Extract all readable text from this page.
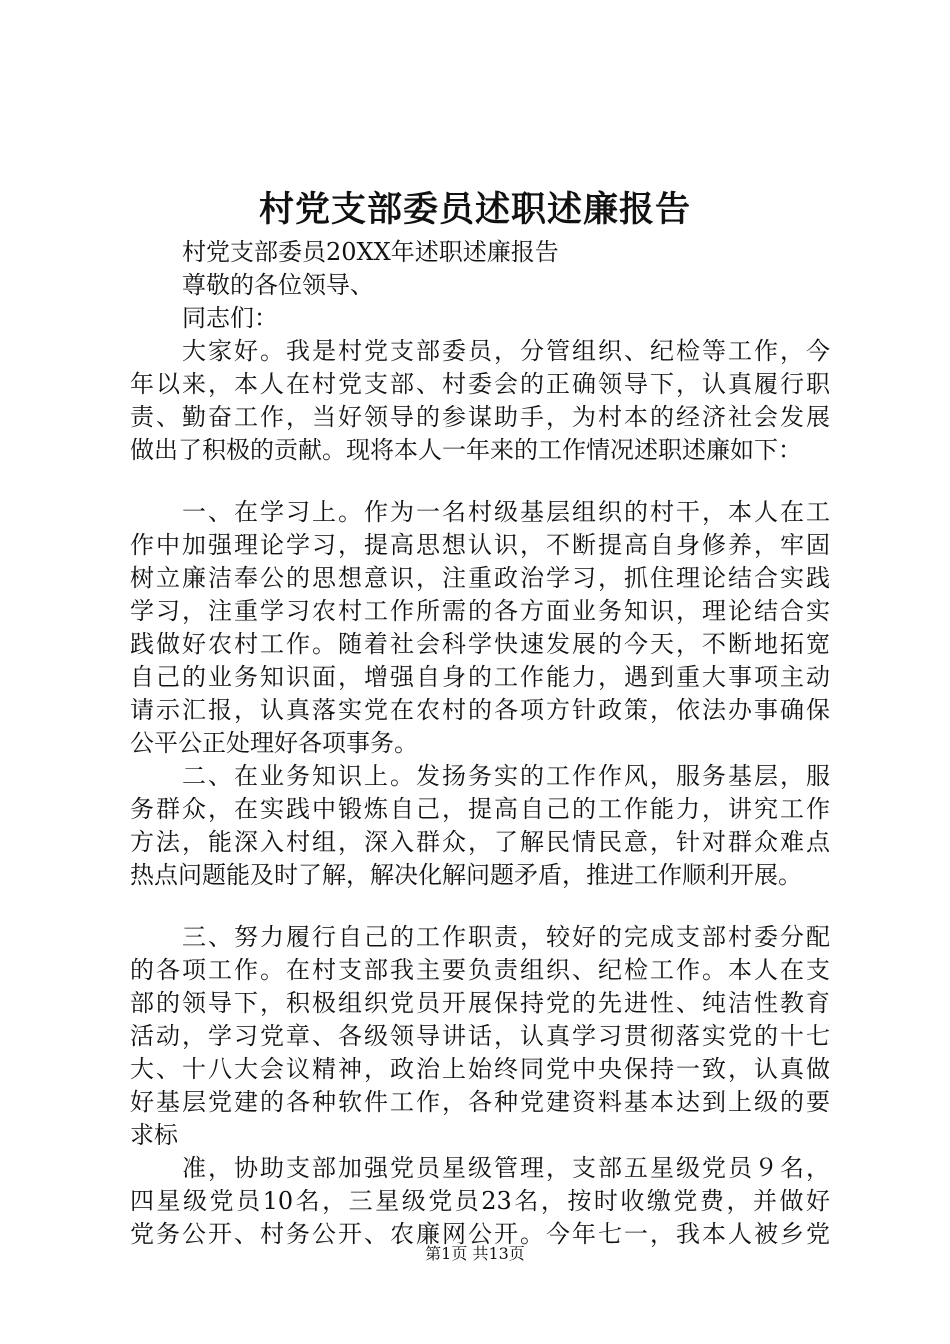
村党支部委员述职述廉报告
村党支部委员20XX年述职述廉报告
尊敬的各位领导、
同志们：
大家好。我是村党支部委员，分管组织、纪检等工作，今
年以来，本人在村党支部、村委会的正确领导下，认真履行职
责、勤奋工作，当好领导的参谋助手，为村本的经济社会发展
做出了积极的贡献。现将本人一年来的工作情况述职述廉如下：
一、在学习上。作为一名村级基层组织的村干，本人在工
作中加强理论学习，提高思想认识，不断提高自身修养，牢固
树立廉洁奉公的思想意识，注重政治学习，抓住理论结合实践
学习，注重学习农村工作所需的各方面业务知识，理论结合实
践做好农村工作。随着社会科学快速发展的今天，不断地拓宽
自己的业务知识面，增强自身的工作能力，遇到重大事项主动
请示汇报，认真落实党在农村的各项方针政策，依法办事确保
公平公正处理好各项事务。
二、在业务知识上。发扬务实的工作作风，服务基层，服
务群众，在实践中锻炼自己，提高自己的工作能力，讲究工作
方法，能深入村组，深入群众，了解民情民意，针对群众难点
热点问题能及时了解，解决化解问题矛盾，推进工作顺利开展。
三、努力履行自己的工作职责，较好的完成支部村委分配
的各项工作。在村支部我主要负责组织、纪检工作。本人在支
部的领导下，积极组织党员开展保持党的先进性、纯洁性教育
活动，学习党章、各级领导讲话，认真学习贯彻落实党的十七
大、十八大会议精神，政治上始终同党中央保持一致，认真做
好基层党建的各种软件工作，各种党建资料基本达到上级的要
求标
准，协助支部加强党员星级管理，支部五星级党员９名，
四星级党员10名，三星级党员23名，按时收缴党费，并做好
党务公开、村务公开、农廉网公开。今年七一，我本人被乡党
第1页 共13页
